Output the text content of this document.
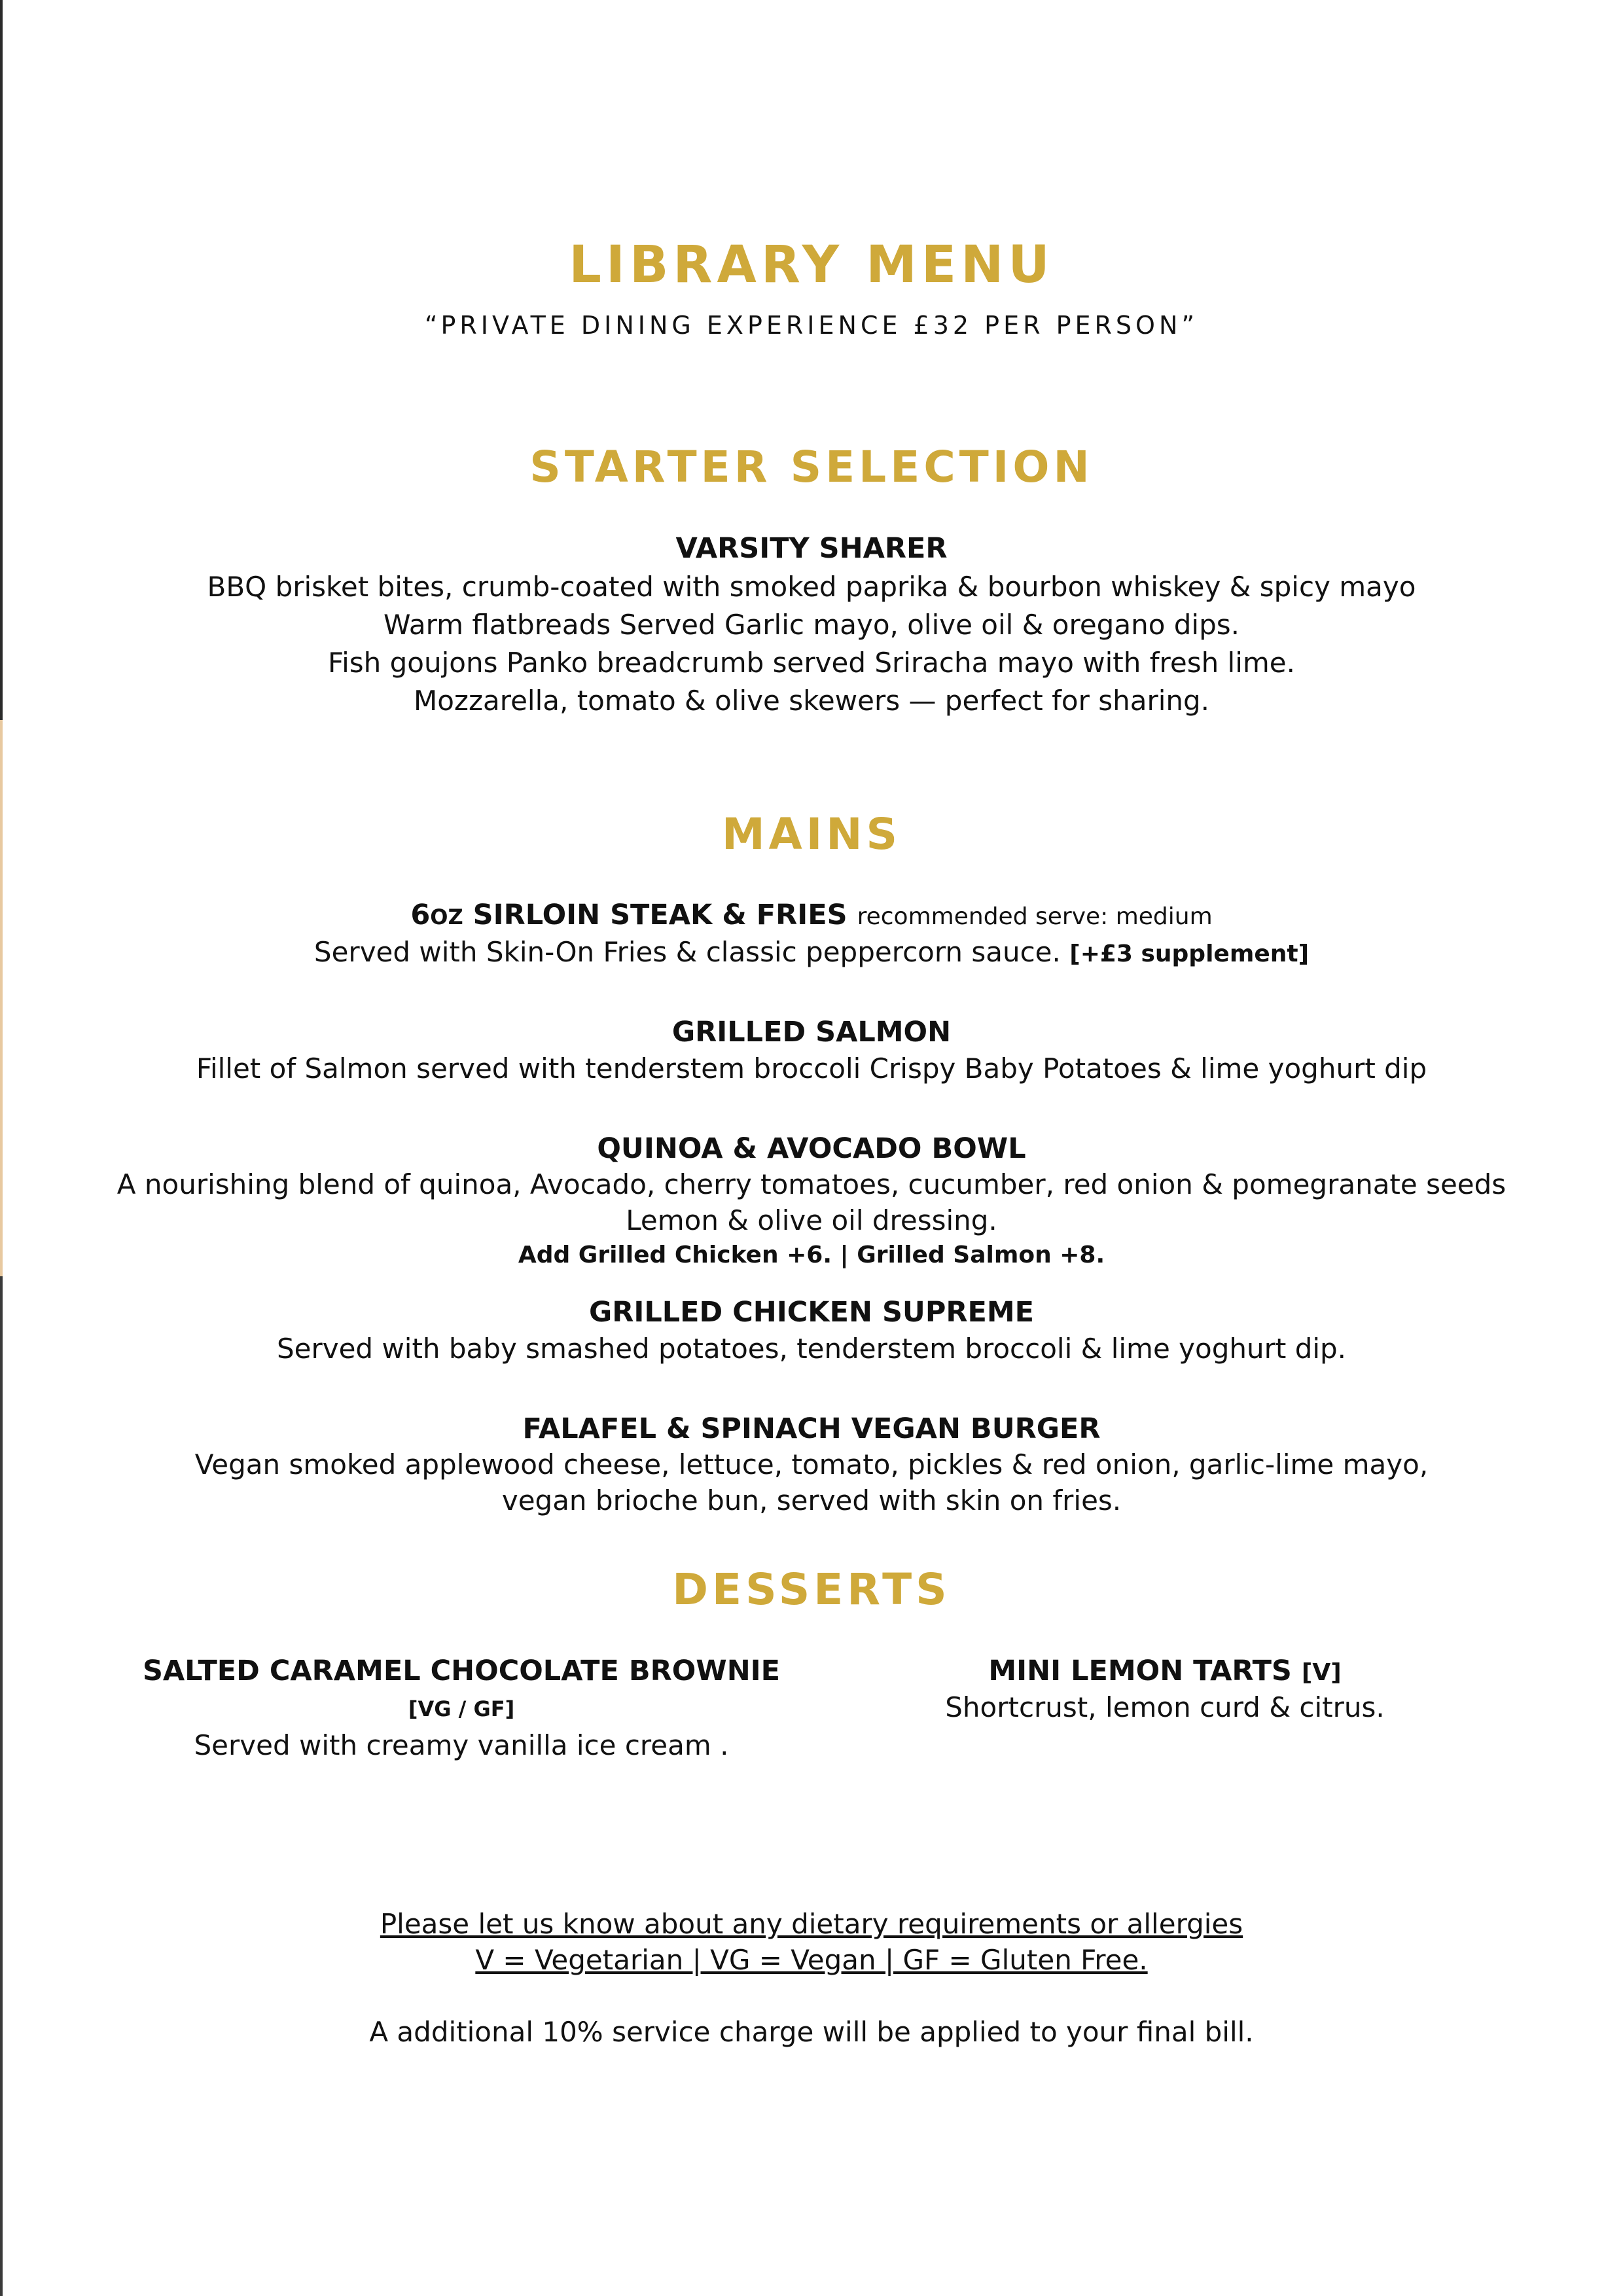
LIBRARY MENU
“PRIVATE DINING EXPERIENCE £32 PER PERSON”
STARTER SELECTION
VARSITY SHARER
BBQ brisket bites, crumb-coated with smoked paprika & bourbon whiskey & spicy mayo
Warm flatbreads Served Garlic mayo, olive oil & oregano dips.
Fish goujons Panko breadcrumb served Sriracha mayo with fresh lime.
Mozzarella, tomato & olive skewers — perfect for sharing.
MAINS
6OZ SIRLOIN STEAK & FRIES recommended serve: medium
Served with Skin-On Fries & classic peppercorn sauce. [+£3 supplement]
GRILLED SALMON
Fillet of Salmon served with tenderstem broccoli Crispy Baby Potatoes & lime yoghurt dip
QUINOA & AVOCADO BOWL
A nourishing blend of quinoa, Avocado, cherry tomatoes, cucumber, red onion & pomegranate seeds
Lemon & olive oil dressing.
Add Grilled Chicken +6. | Grilled Salmon +8.
GRILLED CHICKEN SUPREME
Served with baby smashed potatoes, tenderstem broccoli & lime yoghurt dip.
FALAFEL & SPINACH VEGAN BURGER
Vegan smoked applewood cheese, lettuce, tomato, pickles & red onion, garlic-lime mayo,
vegan brioche bun, served with skin on fries.
DESSERTS
SALTED CARAMEL CHOCOLATE BROWNIE
[VG / GF]
Served with creamy vanilla ice cream .
MINI LEMON TARTS [V]
Shortcrust, lemon curd & citrus.
Please let us know about any dietary requirements or allergies
V = Vegetarian | VG = Vegan | GF = Gluten Free.
A additional 10% service charge will be applied to your final bill.
